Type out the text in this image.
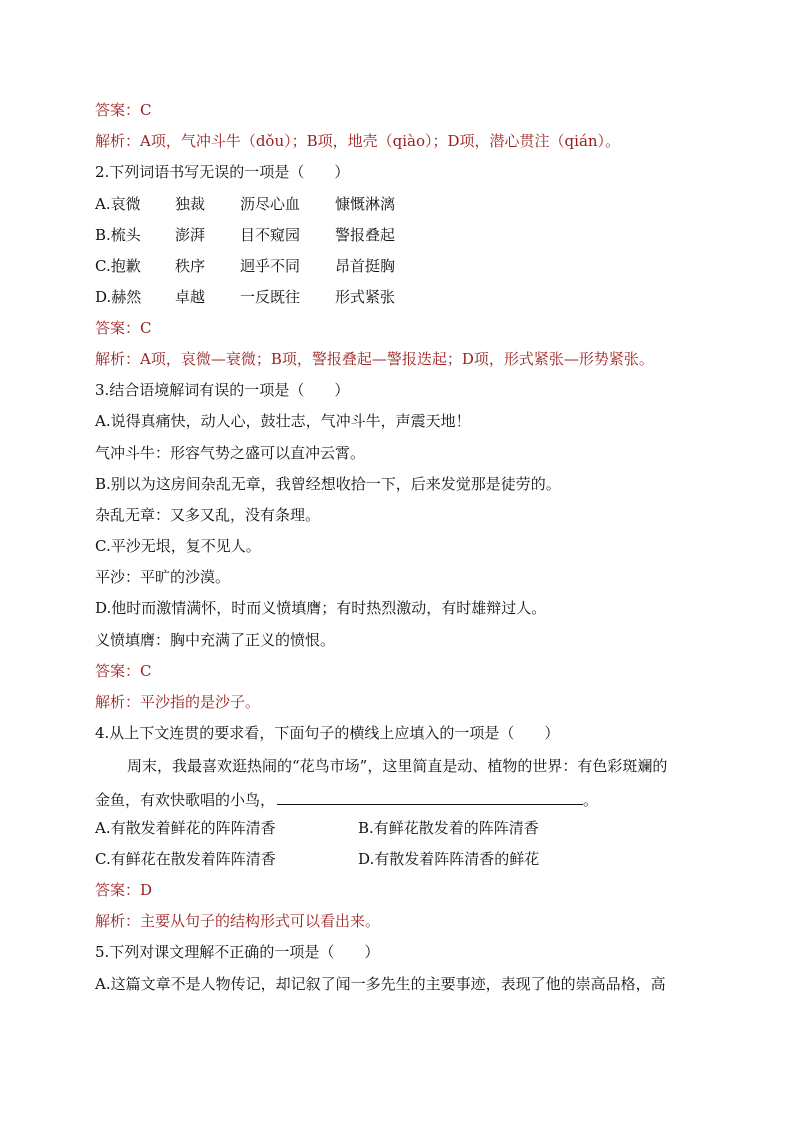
答案：C
解析：A项，气冲斗牛（dǒu）；B项，地壳（qiào）；D项，潜心贯注（qián）。
2.下列词语书写无误的一项是（　　）
A.哀微 独裁 沥尽心血 慷慨淋漓
B.梳头 澎湃 目不窥园 警报叠起
C.抱歉 秩序 迥乎不同 昂首挺胸
D.赫然 卓越 一反既往 形式紧张
答案：C
解析：A项，哀微—衰微；B项，警报叠起—警报迭起；D项，形式紧张—形势紧张。
3.结合语境解词有误的一项是（　　）
A.说得真痛快，动人心，鼓壮志，气冲斗牛，声震天地！
气冲斗牛：形容气势之盛可以直冲云霄。
B.别以为这房间杂乱无章，我曾经想收拾一下，后来发觉那是徒劳的。
杂乱无章：又多又乱，没有条理。
C.平沙无垠，复不见人。
平沙：平旷的沙漠。
D.他时而激情满怀，时而义愤填膺；有时热烈激动，有时雄辩过人。
义愤填膺：胸中充满了正义的愤恨。
答案：C
解析：平沙指的是沙子。
4.从上下文连贯的要求看，下面句子的横线上应填入的一项是（　　）
周末，我最喜欢逛热闹的“花鸟市场”，这里简直是动、植物的世界：有色彩斑斓的
金鱼，有欢快歌唱的小鸟，	。
A.有散发着鲜花的阵阵清香	B.有鲜花散发着的阵阵清香
C.有鲜花在散发着阵阵清香	D.有散发着阵阵清香的鲜花
答案：D
解析：主要从句子的结构形式可以看出来。
5.下列对课文理解不正确的一项是（　　）
A.这篇文章不是人物传记，却记叙了闻一多先生的主要事迹，表现了他的崇高品格，高
